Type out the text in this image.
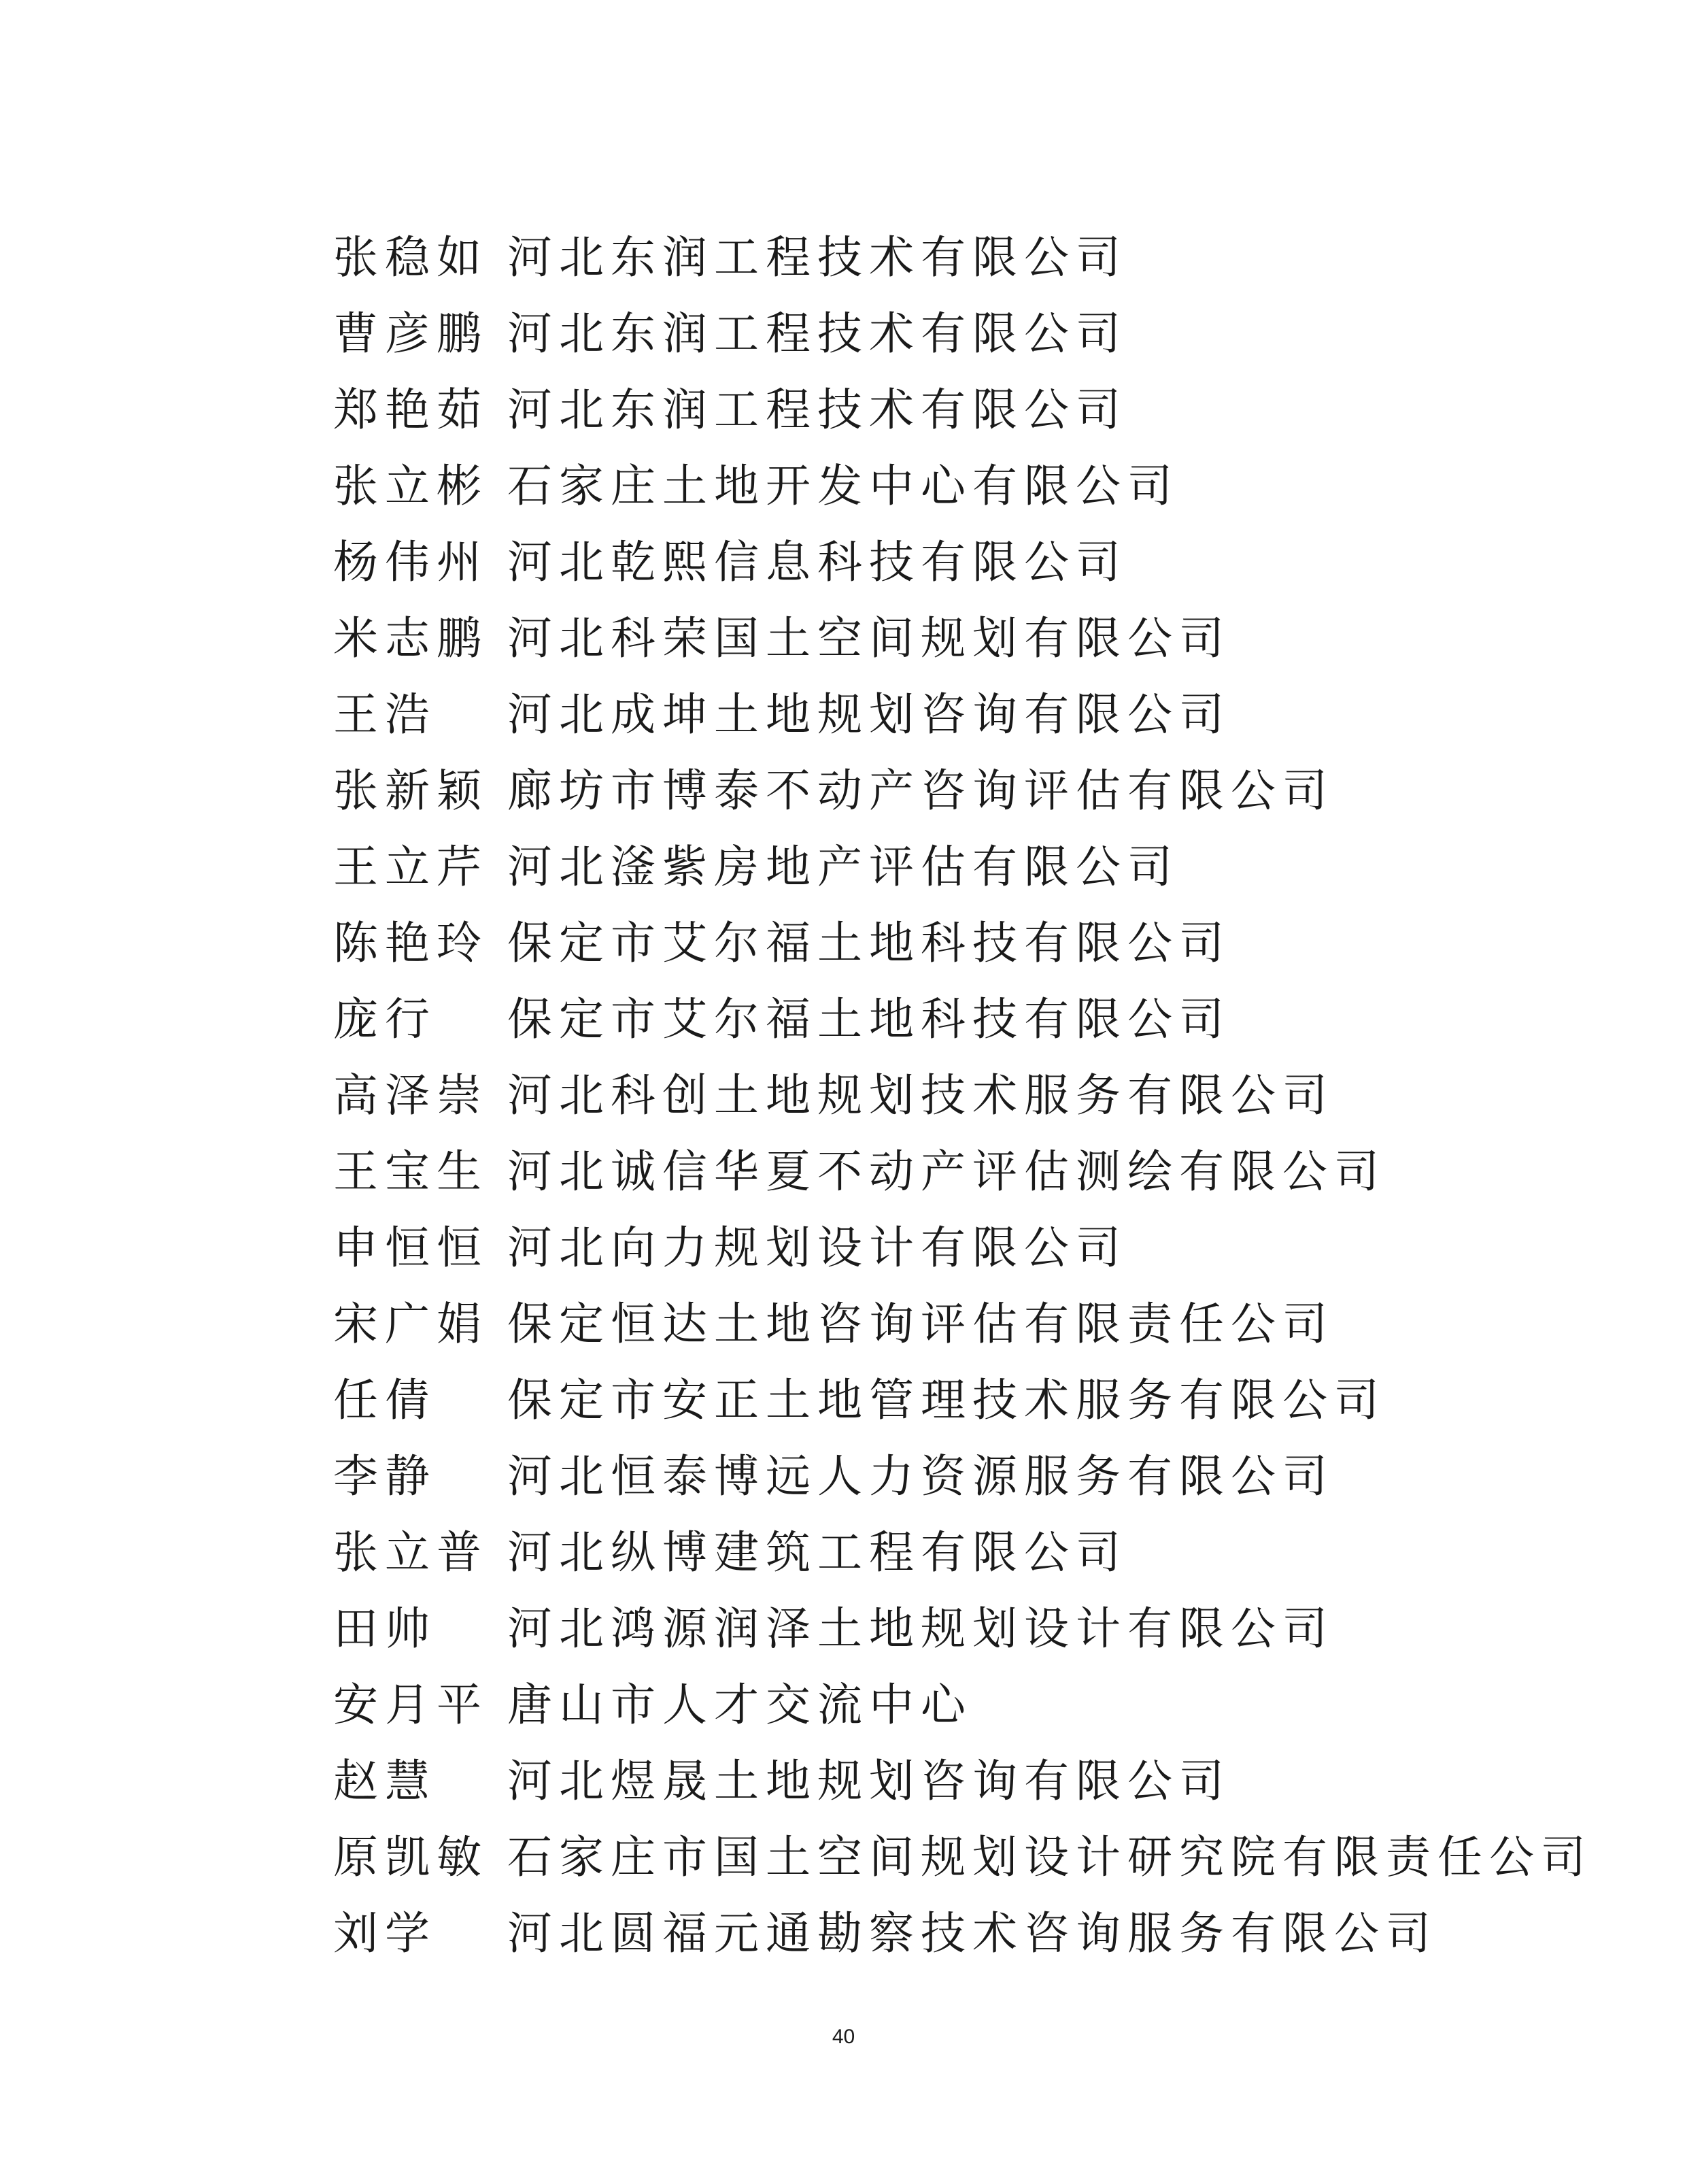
张稳如 河北东润工程技术有限公司
曹彦鹏 河北东润工程技术有限公司
郑艳茹 河北东润工程技术有限公司
张立彬 石家庄土地开发中心有限公司
杨伟州 河北乾熙信息科技有限公司
米志鹏 河北科荣国土空间规划有限公司
王浩	河北成坤土地规划咨询有限公司
张新颖 廊坊市博泰不动产咨询评估有限公司
王立芹 河北滏紫房地产评估有限公司
陈艳玲 保定市艾尔福土地科技有限公司
庞行	保定市艾尔福土地科技有限公司
高泽崇 河北科创土地规划技术服务有限公司
王宝生 河北诚信华夏不动产评估测绘有限公司
申恒恒 河北向力规划设计有限公司
宋广娟 保定恒达土地咨询评估有限责任公司
任倩	保定市安正土地管理技术服务有限公司
李静	河北恒泰博远人力资源服务有限公司
张立普 河北纵博建筑工程有限公司
田帅	河北鸿源润泽土地规划设计有限公司
安月平 唐山市人才交流中心
赵慧	河北煜晟土地规划咨询有限公司
原凯敏 石家庄市国土空间规划设计研究院有限责任公司
刘学	河北圆福元通勘察技术咨询服务有限公司
40
